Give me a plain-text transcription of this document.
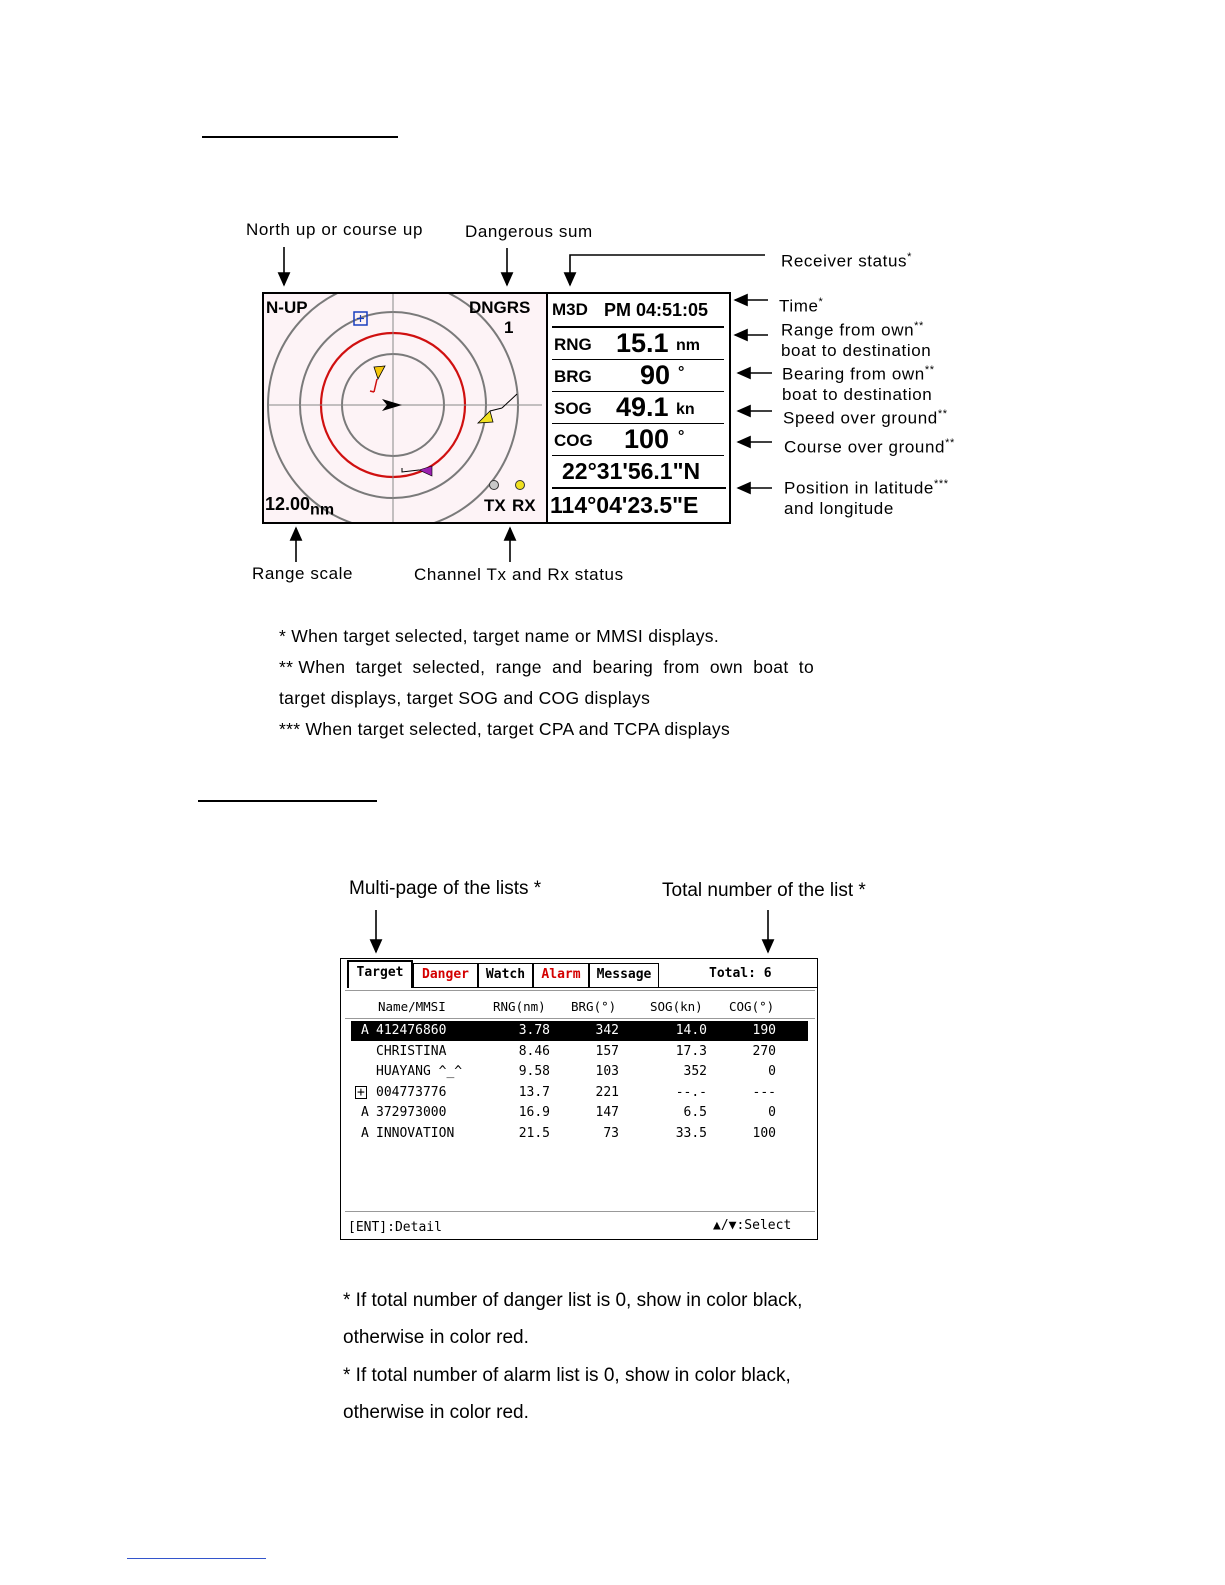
North up or course up Dangerous sum
Receiver status*
Time*
Range from own**
boat to destination
Bearing from own**
boat to destination
Speed over ground**
Course over ground**
Position in latitude***
and longitude
Range scale	Channel Tx and Rx status
N-UP	DNGRS
1
$12.00_{nm}$	TX RX
M3D PM 04:51:05
RNG 15.1 nm
BRG 90 °
SOG 49.1 kn
COG 100 °
22°31'56.1"N
114°04'23.5"E
* When target selected, target name or MMSI displays.
** When  target  selected,  range  and  bearing  from  own  boat  to
target displays, target SOG and COG displays
*** When target selected, target CPA and TCPA displays
Multi-page of the lists *	Total number of the list *
Target	Danger	Watch	Alarm	Message	Total: 6
Name/MMSI	RNG(nm) BRG(°)	SOG(kn) COG(°)
A 412476860	3.78	342	14.0	190
CHRISTINA	8.46	157	17.3	270
HUAYANG ^_^	9.58	103	352	0
+ 004773776	13.7	221	--.-	---
A 372973000	16.9	147	6.5	0
A INNOVATION	21.5	73	33.5	100
[ENT]:Detail	▲/▼:Select
* If total number of danger list is 0, show in color black,
otherwise in color red.
* If total number of alarm list is 0, show in color black,
otherwise in color red.
